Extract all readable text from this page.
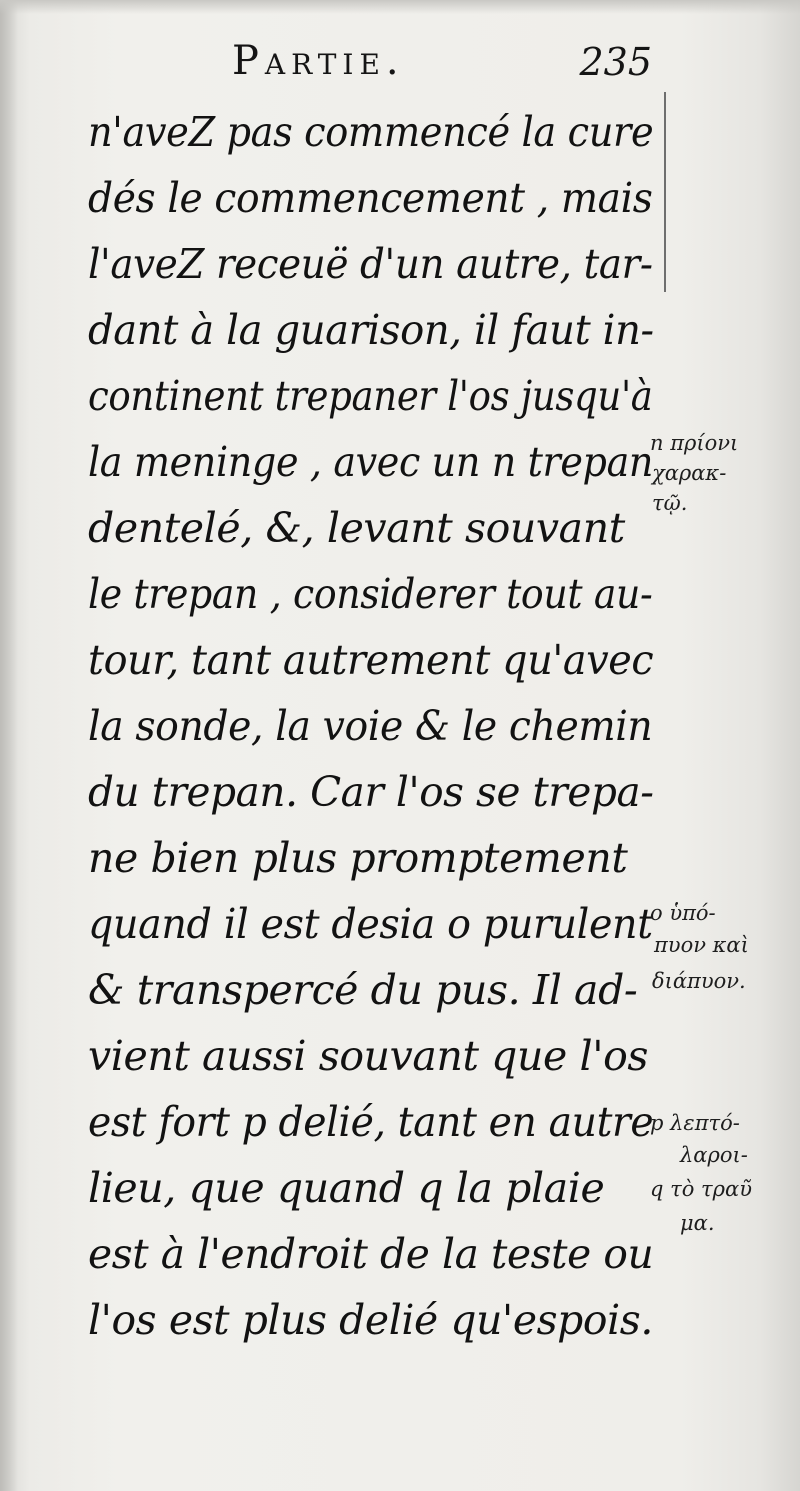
Partie.	235
n'aveZ pas commencé la cure
dés le commencement , mais
l'aveZ receuë d'un autre, tar-
dant à la guarison, il faut in-
continent trepaner l'os jusqu'à
la meninge , avec un n trepan
dentelé, &, levant souvant
le trepan , considerer tout au-
tour, tant autrement qu'avec
la sonde, la voie & le chemin
du trepan. Car l'os se trepa-
ne bien plus promptement
quand il est desia o purulent
& transpercé du pus. Il ad-
vient aussi souvant que l'os
est fort p delié, tant en autre
lieu, que quand q la plaie
est à l'endroit de la teste ou
l'os est plus delié qu'espois.
n πρίονι
χαρακ-
τῷ.
o ὑπό-
πυον καὶ
διάπυον.
p λεπτό-
λαροι-
q τὸ τραῦ
μα.
